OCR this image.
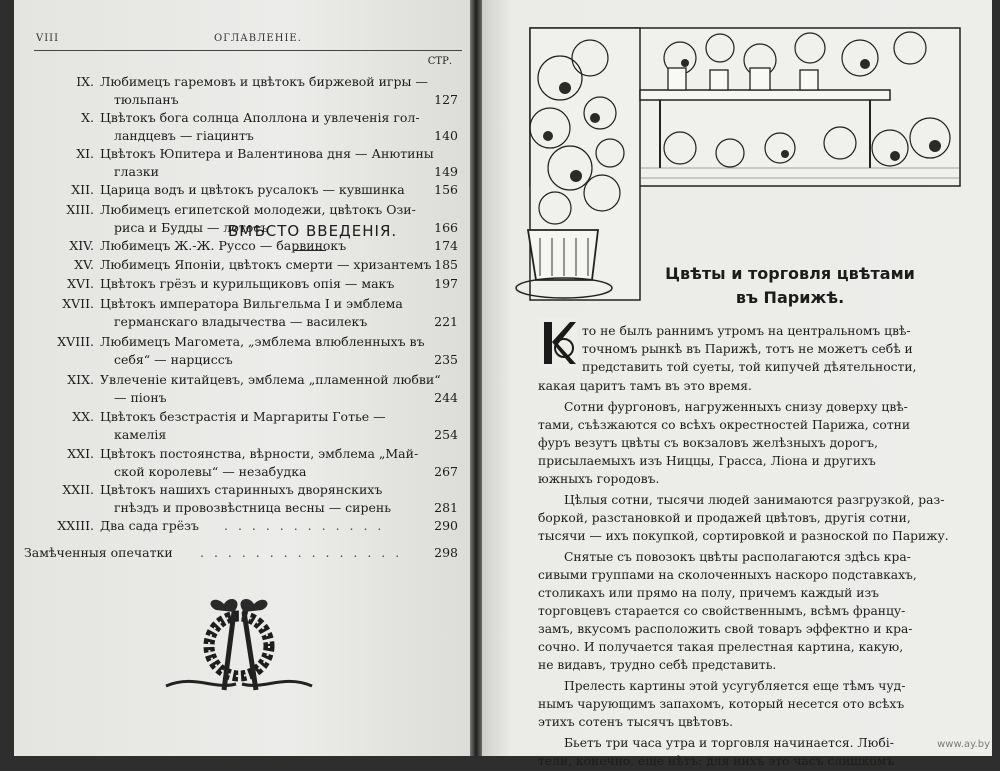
VIII	ОГЛАВЛЕНІЕ.
СТР.
IX. Любимецъ гаремовъ и цвѣтокъ биржевой игры —
тюльпанъ	127
X. Цвѣтокъ бога солнца Аполлона и увлеченія гол-
ландцевъ — гіацинтъ	140
XI. Цвѣтокъ Юпитера и Валентинова дня — Анютины
глазки	149
XII. Царица водъ и цвѣтокъ русалокъ — кувшинка 156
XIII. Любимецъ египетской молодежи, цвѣтокъ Ози-
риса и Будды — лотосъ	166
XIV. Любимецъ Ж.-Ж. Руссо — барвинокъ	174
XV. Любимецъ Японіи, цвѣтокъ смерти — хризантемъ 185
XVI. Цвѣтокъ грёзъ и курильщиковъ опія — макъ	197
XVII. Цвѣтокъ императора Вильгельма I и эмблема
германскаго владычества — василекъ	221
XVIII. Любимецъ Магомета, „эмблема влюбленныхъ въ
себя“ — нарциссъ	235
XIX. Увлеченіе китайцевъ, эмблема „пламенной любви“
— піонъ	244
XX. Цвѣтокъ безстрастія и Маргариты Готье —
камелія	254
XXI. Цвѣтокъ постоянства, вѣрности, эмблема „Май-
ской королевы“ — незабудка	267
XXII. Цвѣтокъ нашихъ старинныхъ дворянскихъ
гнѣздъ и провозвѣстница весны — сирень	281
XXIII. Два сада грёзъ . . . . . . . . . . . .	290
Замѣченныя опечатки . . . . . . . . . . . . . . .	298
ВМѢСТО ВВЕДЕНІЯ.
Цвѣты и торговля цвѣтами
въ Парижѣ.
то не былъ раннимъ утромъ на центральномъ цвѣ-
точномъ рынкѣ въ Парижѣ, тотъ не можетъ себѣ и
представить той суеты, той кипучей дѣятельности,
какая царитъ тамъ въ это время.
Сотни фургоновъ, нагруженныхъ снизу доверху цвѣ-
тами, съѣзжаются со всѣхъ окрестностей Парижа, сотни
фуръ везутъ цвѣты съ вокзаловъ желѣзныхъ дорогъ,
присылаемыхъ изъ Ниццы, Грасса, Ліона и другихъ
южныхъ городовъ.
Цѣлыя сотни, тысячи людей занимаются разгрузкой, раз-
боркой, разстановкой и продажей цвѣтовъ, другія сотни,
тысячи — ихъ покупкой, сортировкой и разноской по Парижу.
Снятые съ повозокъ цвѣты располагаются здѣсь кра-
сивыми группами на сколоченныхъ наскоро подставкахъ,
столикахъ или прямо на полу, причемъ каждый изъ
торговцевъ старается со свойственнымъ, всѣмъ францу-
замъ, вкусомъ расположить свой товаръ эффектно и кра-
сочно. И получается такая прелестная картина, какую,
не видавъ, трудно себѣ представить.
Прелесть картины этой усугубляется еще тѣмъ чуд-
нымъ чарующимъ запахомъ, который несется ото всѣхъ
этихъ сотенъ тысячъ цвѣтовъ.
Бьетъ три часа утра и торговля начинается. Любі-
тели, конечно, еще нѣтъ: для нихъ это часъ слишкомъ
www.ay.by
